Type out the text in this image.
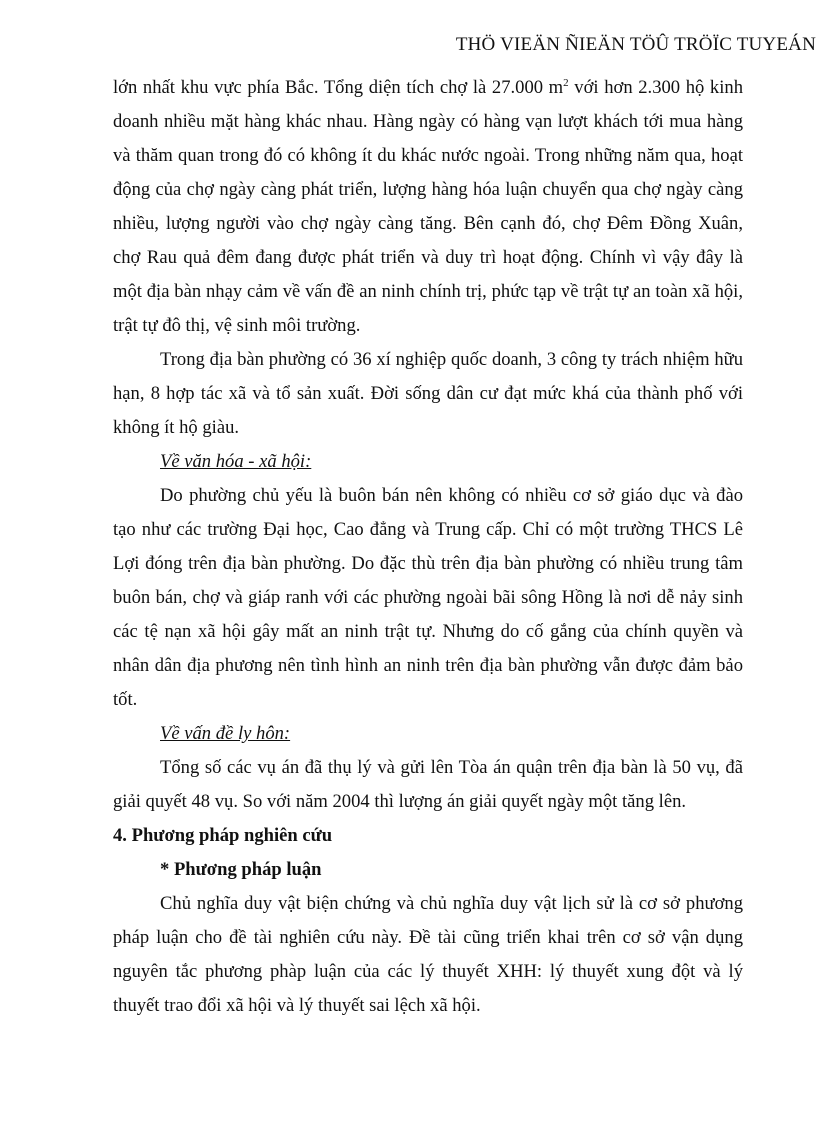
THÖ VIEÄN ÑIEÄN TÖÛ TRÖÏC TUYEÁN

lớn nhất khu vực phía Bắc. Tổng diện tích chợ là 27.000 $m^2$ với hơn 2.300 hộ kinh doanh nhiều mặt hàng khác nhau. Hàng ngày có hàng vạn lượt khách tới mua hàng và thăm quan trong đó có không ít du khác nước ngoài. Trong những năm qua, hoạt động của chợ ngày càng phát triển, lượng hàng hóa luận chuyển qua chợ ngày càng nhiều, lượng người vào chợ ngày càng tăng. Bên cạnh đó, chợ Đêm Đồng Xuân, chợ Rau quả đêm đang được phát triển và duy trì hoạt động. Chính vì vậy đây là một địa bàn nhạy cảm về vấn đề an ninh chính trị, phức tạp về trật tự an toàn xã hội, trật tự đô thị, vệ sinh môi trường.

Trong địa bàn phường có 36 xí nghiệp quốc doanh, 3 công ty trách nhiệm hữu hạn, 8 hợp tác xã và tổ sản xuất. Đời sống dân cư đạt mức khá của thành phố với không ít hộ giàu.

Về văn hóa - xã hội:

Do phường chủ yếu là buôn bán nên không có nhiều cơ sở giáo dục và đào tạo như các trường Đại học, Cao đẳng và Trung cấp. Chỉ có một trường THCS Lê Lợi đóng trên địa bàn phường. Do đặc thù trên địa bàn phường có nhiều trung tâm buôn bán, chợ và giáp ranh với các phường ngoài bãi sông Hồng là nơi dễ nảy sinh các tệ nạn xã hội gây mất an ninh trật tự. Nhưng do cố gắng của chính quyền và nhân dân địa phương nên tình hình an ninh trên địa bàn phường vẫn được đảm bảo tốt.

Về vấn đề ly hôn:

Tổng số các vụ án đã thụ lý và gửi lên Tòa án quận trên địa bàn là 50 vụ, đã giải quyết 48 vụ. So với năm 2004 thì lượng án giải quyết ngày một tăng lên.

4. Phương pháp nghiên cứu

* Phương pháp luận

Chủ nghĩa duy vật biện chứng và chủ nghĩa duy vật lịch sử là cơ sở phương pháp luận cho đề tài nghiên cứu này. Đề tài cũng triển khai trên cơ sở vận dụng nguyên tắc phương phàp luận của các lý thuyết XHH: lý thuyết xung đột và lý thuyết trao đổi xã hội và lý thuyết sai lệch xã hội.
